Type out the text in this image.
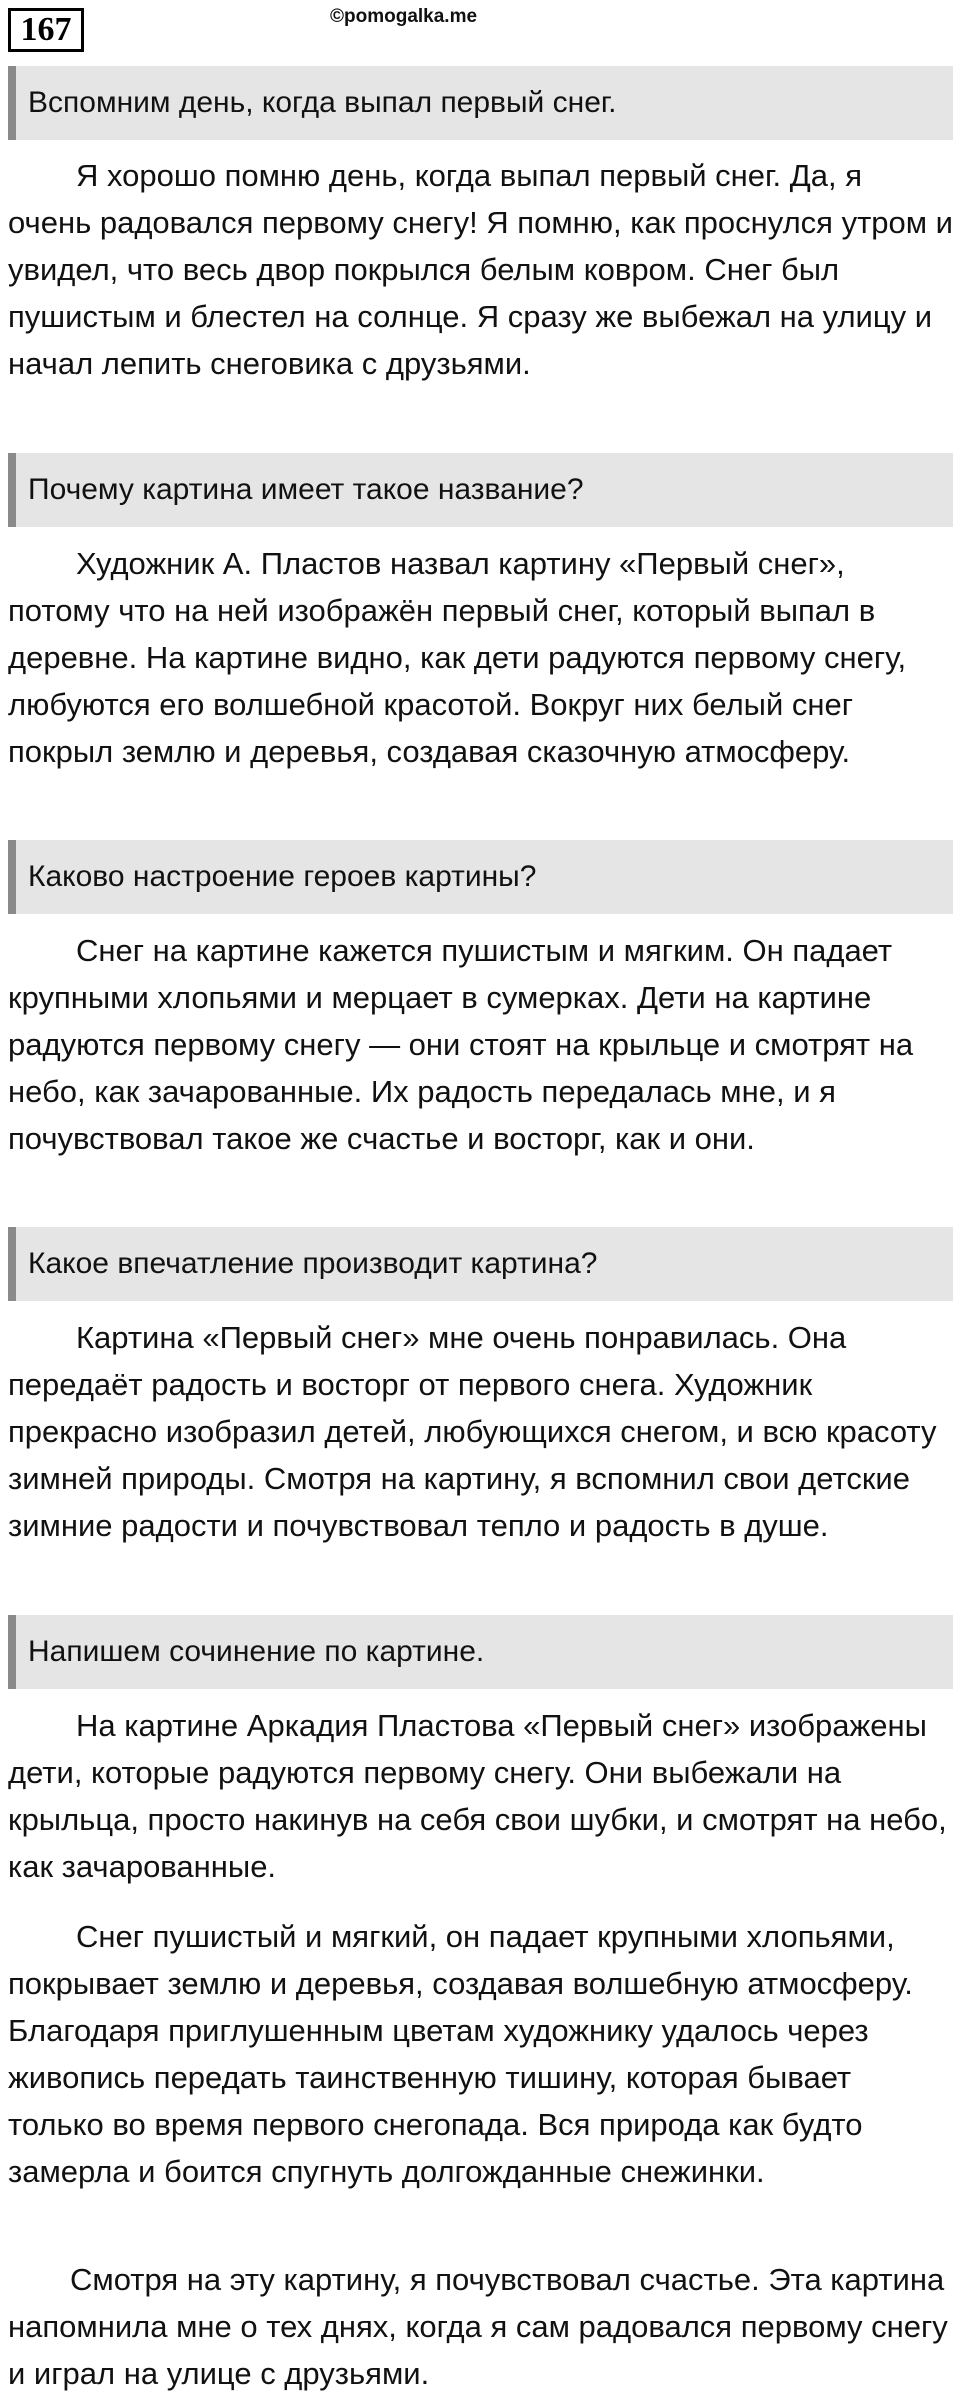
167	©pomogalka.me
Вспомним день, когда выпал первый снег.

Я хорошо помню день, когда выпал первый снег. Да, я очень радовался первому снегу! Я помню, как проснулся утром и увидел, что весь двор покрылся белым ковром. Снег был пушистым и блестел на солнце. Я сразу же выбежал на улицу и начал лепить снеговика с друзьями.

Почему картина имеет такое название?

Художник А. Пластов назвал картину «Первый снег», потому что на ней изображён первый снег, который выпал в деревне. На картине видно, как дети радуются первому снегу, любуются его волшебной красотой. Вокруг них белый снег покрыл землю и деревья, создавая сказочную атмосферу.

Каково настроение героев картины?

Снег на картине кажется пушистым и мягким. Он падает крупными хлопьями и мерцает в сумерках. Дети на картине радуются первому снегу — они стоят на крыльце и смотрят на небо, как зачарованные. Их радость передалась мне, и я почувствовал такое же счастье и восторг, как и они.

Какое впечатление производит картина?

Картина «Первый снег» мне очень понравилась. Она передаёт радость и восторг от первого снега. Художник прекрасно изобразил детей, любующихся снегом, и всю красоту зимней природы. Смотря на картину, я вспомнил свои детские зимние радости и почувствовал тепло и радость в душе.

Напишем сочинение по картине.

На картине Аркадия Пластова «Первый снег» изображены дети, которые радуются первому снегу. Они выбежали на крыльца, просто накинув на себя свои шубки, и смотрят на небо, как зачарованные.

Снег пушистый и мягкий, он падает крупными хлопьями, покрывает землю и деревья, создавая волшебную атмосферу. Благодаря приглушенным цветам художнику удалось через живопись передать таинственную тишину, которая бывает только во время первого снегопада. Вся природа как будто замерла и боится спугнуть долгожданные снежинки.

Смотря на эту картину, я почувствовал счастье. Эта картина напомнила мне о тех днях, когда я сам радовался первому снегу и играл на улице с друзьями.
